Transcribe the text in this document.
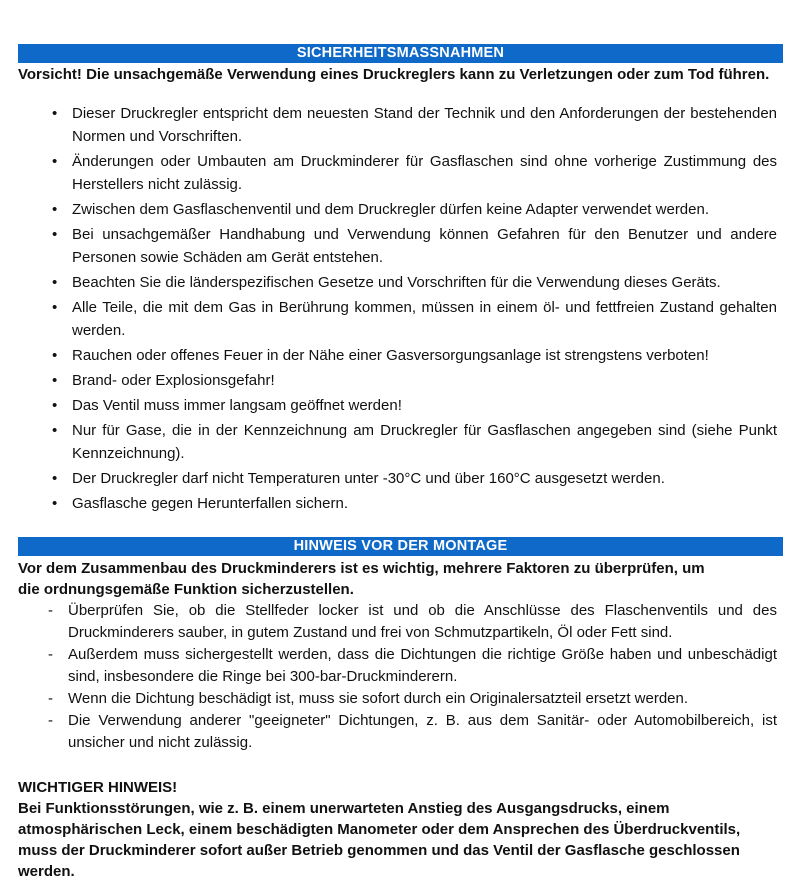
SICHERHEITSMASSNAHMEN

Vorsicht! Die unsachgemäße Verwendung eines Druckreglers kann zu Verletzungen oder zum Tod führen.

• Dieser Druckregler entspricht dem neuesten Stand der Technik und den Anforderungen der bestehenden Normen und Vorschriften.
• Änderungen oder Umbauten am Druckminderer für Gasflaschen sind ohne vorherige Zustimmung des Herstellers nicht zulässig.
• Zwischen dem Gasflaschenventil und dem Druckregler dürfen keine Adapter verwendet werden.
• Bei unsachgemäßer Handhabung und Verwendung können Gefahren für den Benutzer und andere Personen sowie Schäden am Gerät entstehen.
• Beachten Sie die länderspezifischen Gesetze und Vorschriften für die Verwendung dieses Geräts.
• Alle Teile, die mit dem Gas in Berührung kommen, müssen in einem öl- und fettfreien Zustand gehalten werden.
• Rauchen oder offenes Feuer in der Nähe einer Gasversorgungsanlage ist strengstens verboten!
• Brand- oder Explosionsgefahr!
• Das Ventil muss immer langsam geöffnet werden!
• Nur für Gase, die in der Kennzeichnung am Druckregler für Gasflaschen angegeben sind (siehe Punkt Kennzeichnung).
• Der Druckregler darf nicht Temperaturen unter -30°C und über 160°C ausgesetzt werden.
• Gasflasche gegen Herunterfallen sichern.
HINWEIS VOR DER MONTAGE

Vor dem Zusammenbau des Druckminderers ist es wichtig, mehrere Faktoren zu überprüfen, um die ordnungsgemäße Funktion sicherzustellen.

- Überprüfen Sie, ob die Stellfeder locker ist und ob die Anschlüsse des Flaschenventils und des Druckminderers sauber, in gutem Zustand und frei von Schmutzpartikeln, Öl oder Fett sind.
- Außerdem muss sichergestellt werden, dass die Dichtungen die richtige Größe haben und unbeschädigt sind, insbesondere die Ringe bei 300-bar-Druckminderern.
- Wenn die Dichtung beschädigt ist, muss sie sofort durch ein Originalersatzteil ersetzt werden.
- Die Verwendung anderer "geeigneter" Dichtungen, z. B. aus dem Sanitär- oder Automobilbereich, ist unsicher und nicht zulässig.
WICHTIGER HINWEIS!
Bei Funktionsstörungen, wie z. B. einem unerwarteten Anstieg des Ausgangsdrucks, einem atmosphärischen Leck, einem beschädigten Manometer oder dem Ansprechen des Überdruckventils, muss der Druckminderer sofort außer Betrieb genommen und das Ventil der Gasflasche geschlossen werden.
